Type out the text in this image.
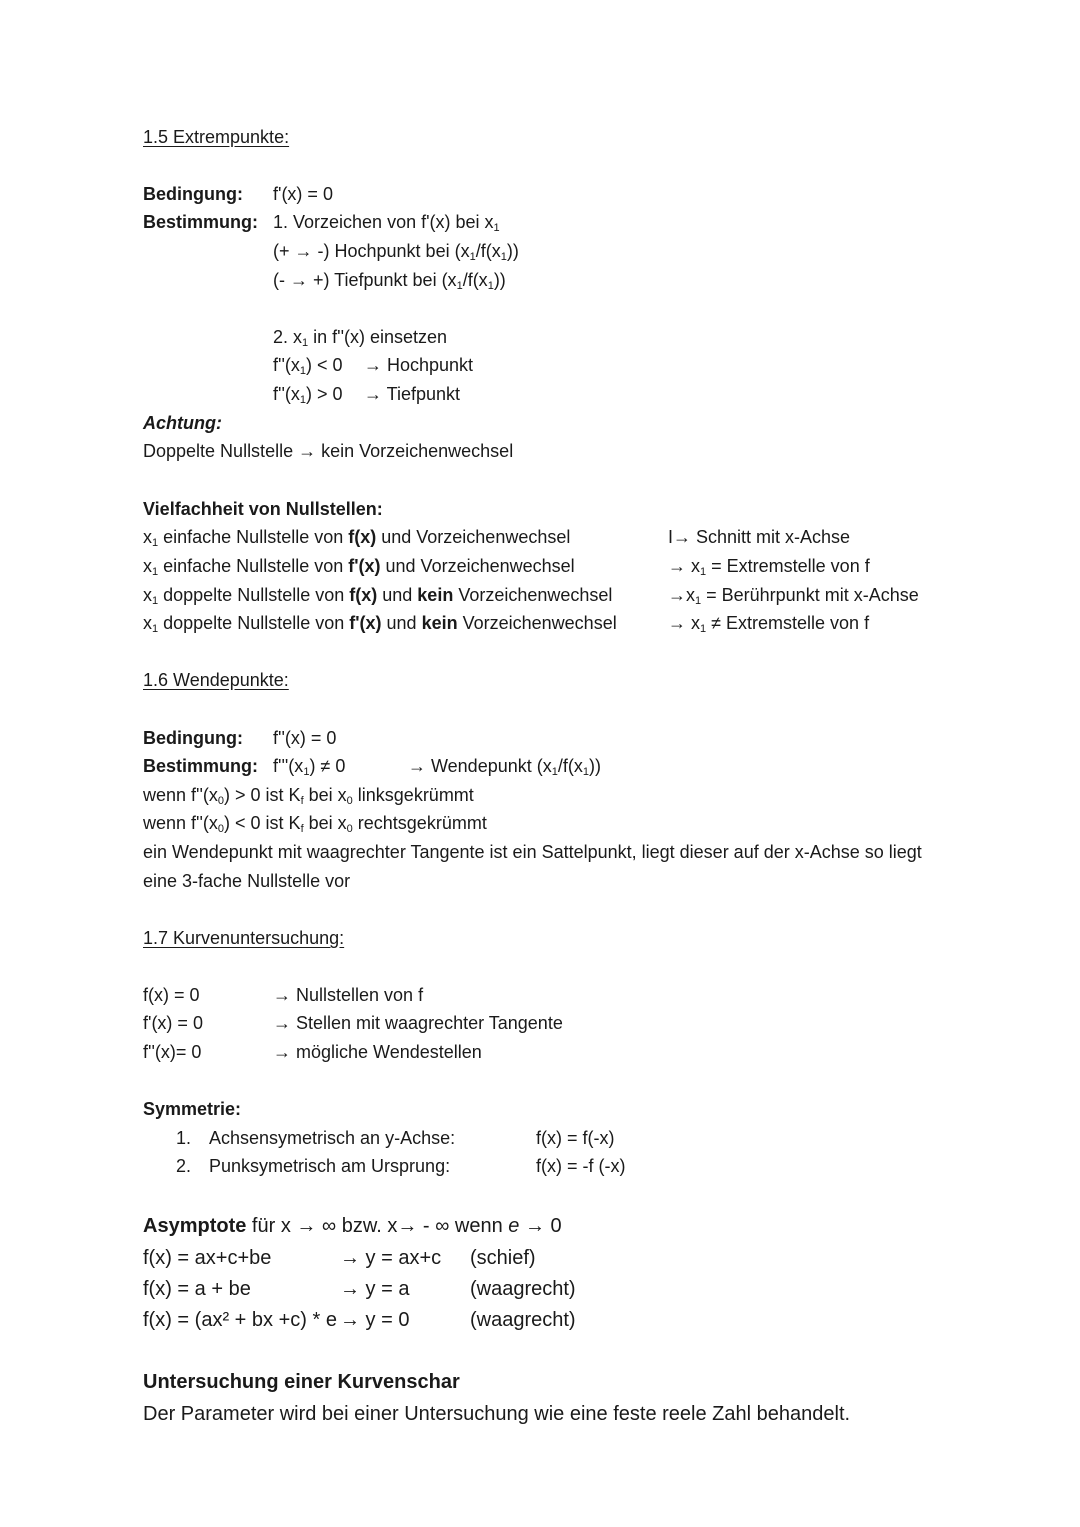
1.5 Extrempunkte:
Bedingung: f'(x) = 0
Bestimmung: 1. Vorzeichen von f'(x) bei $x_1$
(+ → -) Hochpunkt bei $(x_1/f(x_1))$
(- → +) Tiefpunkt bei $(x_1/f(x_1))$
2. $x_1$ in f''(x) einsetzen
$f''(x_1) < 0$ → Hochpunkt
$f''(x_1) > 0$ → Tiefpunkt
Achtung:
Doppelte Nullstelle → kein Vorzeichenwechsel
Vielfachheit von Nullstellen:
$x_1$ einfache Nullstelle von f(x) und Vorzeichenwechsel	I→ Schnitt mit x-Achse
$x_1$ einfache Nullstelle von f'(x) und Vorzeichenwechsel	→ $x_1$ = Extremstelle von f
$x_1$ doppelte Nullstelle von f(x) und kein Vorzeichenwechsel	$\to x_1$ = Berührpunkt mit x-Achse
$x_1$ doppelte Nullstelle von f'(x) und kein Vorzeichenwechsel	→ $x_1$ ≠ Extremstelle von f
1.6 Wendepunkte:
Bedingung: f''(x) = 0
Bestimmung: $f'''(x_1) \ne 0$	→ Wendepunkt $(x_1/f(x_1))$
wenn $f''(x_0) > 0$ ist $K_f$ bei $x_0$ linksgekrümmt
wenn $f''(x_0) < 0$ ist $K_f$ bei $x_0$ rechtsgekrümmt
ein Wendepunkt mit waagrechter Tangente ist ein Sattelpunkt, liegt dieser auf der x-Achse so liegt
eine 3-fache Nullstelle vor
1.7 Kurvenuntersuchung:
f(x) = 0	→ Nullstellen von f
f'(x) = 0	→ Stellen mit waagrechter Tangente
f''(x)= 0	→ mögliche Wendestellen
Symmetrie:
1. Achsensymetrisch an y-Achse:	f(x) = f(-x)
2. Punksymetrisch am Ursprung:	f(x) = -f (-x)
Asymptote für x → ∞ bzw. x→ - ∞ wenn e → 0
f(x) = ax+c+be	→ y = ax+c (schief)
f(x) = a + be	→ y = a	(waagrecht)
f(x) = (ax² + bx +c) * e → y = 0	(waagrecht)
Untersuchung einer Kurvenschar
Der Parameter wird bei einer Untersuchung wie eine feste reele Zahl behandelt.
